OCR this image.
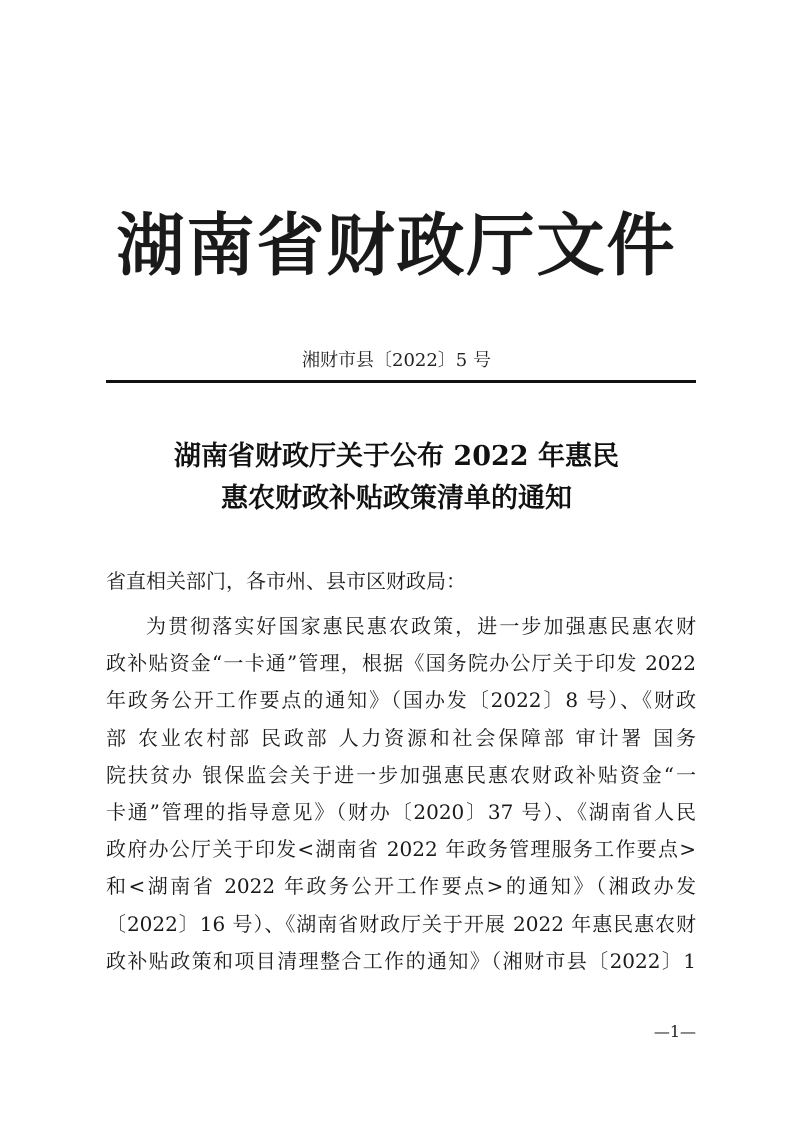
湖南省财政厅文件
湘财市县〔2022〕5 号
湖南省财政厅关于公布 2022 年惠民
惠农财政补贴政策清单的通知
省直相关部门，各市州、县市区财政局：
为贯彻落实好国家惠民惠农政策，进一步加强惠民惠农财
政补贴资金“一卡通”管理，根据《国务院办公厅关于印发 2022
年政务公开工作要点的通知》（国办发〔2022〕8 号）、《财政
部 农业农村部 民政部 人力资源和社会保障部 审计署 国务
院扶贫办 银保监会关于进一步加强惠民惠农财政补贴资金“一
卡通”管理的指导意见》（财办〔2020〕37 号）、《湖南省人民
政府办公厅关于印发<湖南省 2022 年政务管理服务工作要点>
和<湖南省 2022 年政务公开工作要点>的通知》（湘政办发
〔2022〕16 号）、《湖南省财政厅关于开展 2022 年惠民惠农财
政补贴政策和项目清理整合工作的通知》（湘财市县〔2022〕1
—1—
